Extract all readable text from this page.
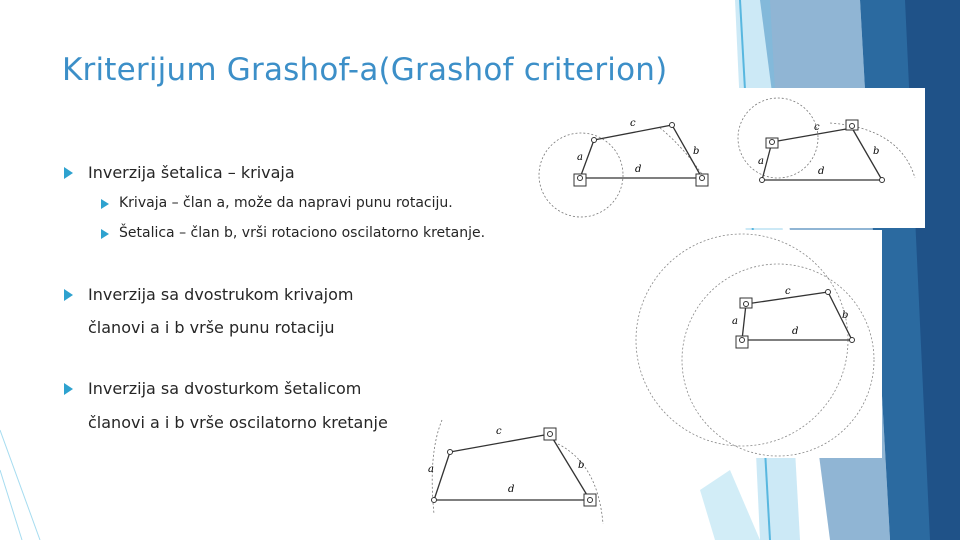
Kriterijum Grashof-a(Grashof criterion)
Inverzija šetalica – krivaja
Krivaja – član a, može da napravi punu rotaciju.
Šetalica – član b, vrši rotaciono oscilatorno kretanje.
Inverzija sa dvostrukom krivajom
članovi a i b vrše punu rotaciju
Inverzija sa dvosturkom šetalicom
članovi a i b vrše oscilatorno kretanje
a
c
b
d
a
c
b
d
a
c
b
d
a
c
b
d
